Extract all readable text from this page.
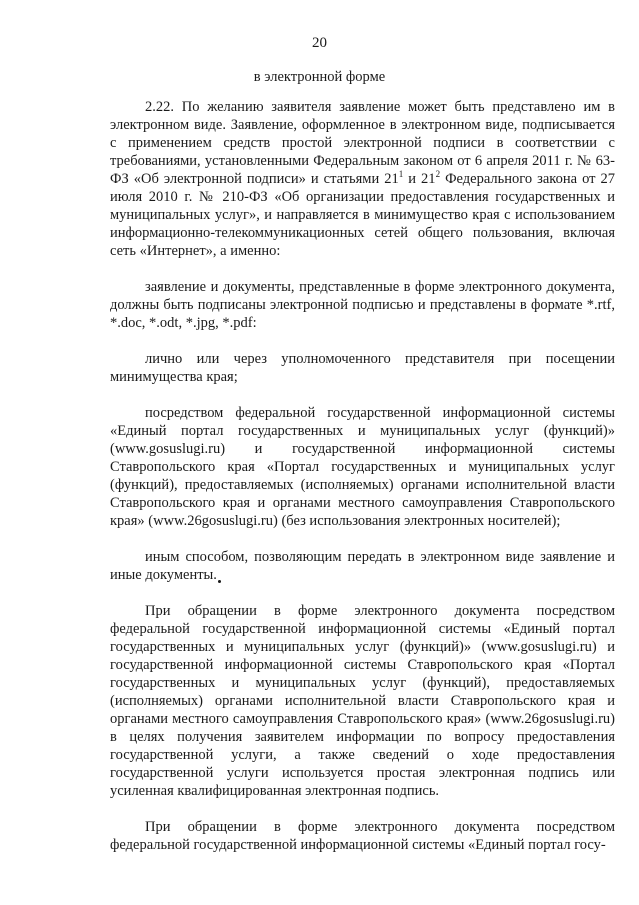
20
в электронной форме

2.22. По желанию заявителя заявление может быть представлено им в электронном виде. Заявление, оформленное в электронном виде, подписывается с применением средств простой электронной подписи в соответствии с требованиями, установленными Федеральным законом от 6 апреля 2011 г. № 63-ФЗ «Об электронной подписи» и статьями $21^1$ и $21^2$ Федерального закона от 27 июля 2010 г. № 210-ФЗ «Об организации предоставления государственных и муниципальных услуг», и направляется в минимущество края с использованием информационно-телекоммуникационных сетей общего пользования, включая сеть «Интернет», а именно:

заявление и документы, представленные в форме электронного документа, должны быть подписаны электронной подписью и представлены в формате *.rtf, *.doc, *.odt, *.jpg, *.pdf:

лично или через уполномоченного представителя при посещении минимущества края;

посредством федеральной государственной информационной системы «Единый портал государственных и муниципальных услуг (функций)» (www.gosuslugi.ru) и государственной информационной системы Ставропольского края «Портал государственных и муниципальных услуг (функций), предоставляемых (исполняемых) органами исполнительной власти Ставропольского края и органами местного самоуправления Ставропольского края» (www.26gosuslugi.ru) (без использования электронных носителей);

иным способом, позволяющим передать в электронном виде заявление и иные документы.

При обращении в форме электронного документа посредством федеральной государственной информационной системы «Единый портал государственных и муниципальных услуг (функций)» (www.gosuslugi.ru) и государственной информационной системы Ставропольского края «Портал государственных и муниципальных услуг (функций), предоставляемых (исполняемых) органами исполнительной власти Ставропольского края и органами местного самоуправления Ставропольского края» (www.26gosuslugi.ru) в целях получения заявителем информации по вопросу предоставления государственной услуги, а также сведений о ходе предоставления государственной услуги используется простая электронная подпись или усиленная квалифицированная электронная подпись.

При обращении в форме электронного документа посредством федеральной государственной информационной системы «Единый портал госу-
